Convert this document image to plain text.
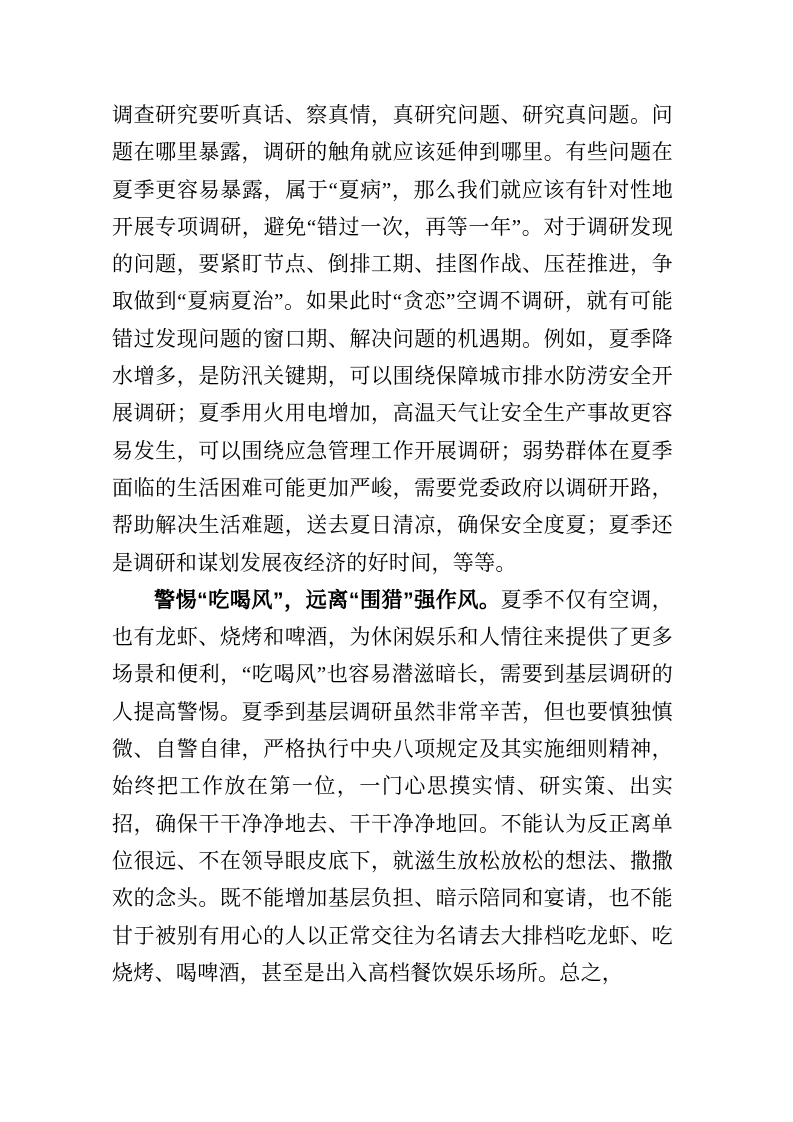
调查研究要听真话、察真情，真研究问题、研究真问题。问题在哪里暴露，调研的触角就应该延伸到哪里。有些问题在夏季更容易暴露，属于“夏病”，那么我们就应该有针对性地开展专项调研，避免“错过一次，再等一年”。对于调研发现的问题，要紧盯节点、倒排工期、挂图作战、压茬推进，争取做到“夏病夏治”。如果此时“贪恋”空调不调研，就有可能错过发现问题的窗口期、解决问题的机遇期。例如，夏季降水增多，是防汛关键期，可以围绕保障城市排水防涝安全开展调研；夏季用火用电增加，高温天气让安全生产事故更容易发生，可以围绕应急管理工作开展调研；弱势群体在夏季面临的生活困难可能更加严峻，需要党委政府以调研开路，帮助解决生活难题，送去夏日清凉，确保安全度夏；夏季还是调研和谋划发展夜经济的好时间，等等。

警惕“吃喝风”，远离“围猎”强作风。夏季不仅有空调，也有龙虾、烧烤和啤酒，为休闲娱乐和人情往来提供了更多场景和便利，“吃喝风”也容易潜滋暗长，需要到基层调研的人提高警惕。夏季到基层调研虽然非常辛苦，但也要慎独慎微、自警自律，严格执行中央八项规定及其实施细则精神，始终把工作放在第一位，一门心思摸实情、研实策、出实招，确保干干净净地去、干干净净地回。不能认为反正离单位很远、不在领导眼皮底下，就滋生放松放松的想法、撒撒欢的念头。既不能增加基层负担、暗示陪同和宴请，也不能甘于被别有用心的人以正常交往为名请去大排档吃龙虾、吃烧烤、喝啤酒，甚至是出入高档餐饮娱乐场所。总之，
